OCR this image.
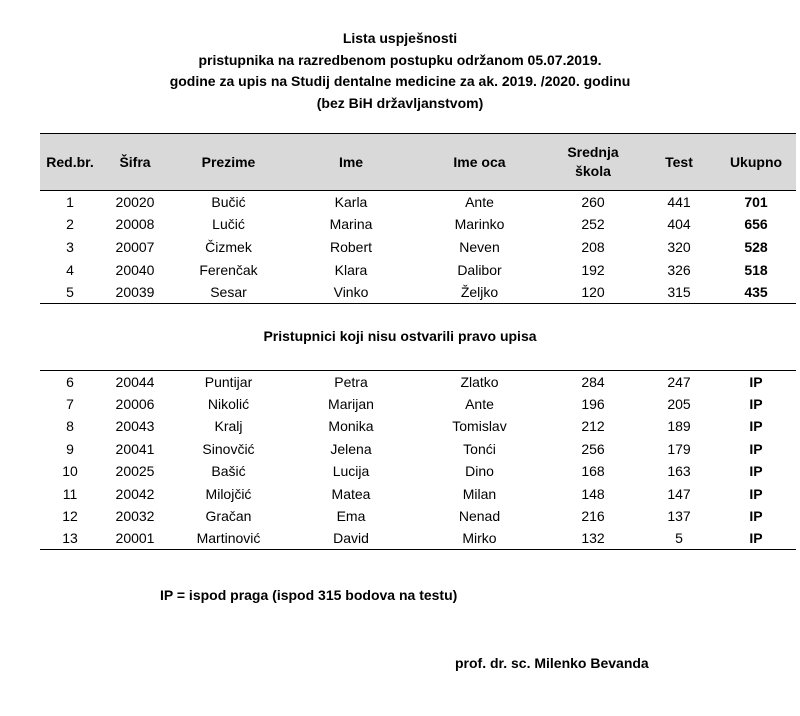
Lista uspješnosti
pristupnika na razredbenom postupku održanom 05.07.2019.
godine za upis na Studij dentalne medicine za ak. 2019. /2020. godinu
(bez BiH državljanstvom)
Red.br.	Šifra	Prezime	Ime	Ime oca	Srednja škola	Test	Ukupno
1	20020	Bučić	Karla	Ante	260	441	701
2	20008	Lučić	Marina	Marinko	252	404	656
3	20007	Čizmek	Robert	Neven	208	320	528
4	20040	Ferenčak	Klara	Dalibor	192	326	518
5	20039	Sesar	Vinko	Željko	120	315	435
Pristupnici koji nisu ostvarili pravo upisa
6	20044	Puntijar	Petra	Zlatko	284	247	IP
7	20006	Nikolić	Marijan	Ante	196	205	IP
8	20043	Kralj	Monika	Tomislav	212	189	IP
9	20041	Sinovčić	Jelena	Tonći	256	179	IP
10	20025	Bašić	Lucija	Dino	168	163	IP
11	20042	Milojčić	Matea	Milan	148	147	IP
12	20032	Gračan	Ema	Nenad	216	137	IP
13	20001	Martinović	David	Mirko	132	5	IP
IP = ispod praga (ispod 315 bodova na testu)
prof. dr. sc. Milenko Bevanda
